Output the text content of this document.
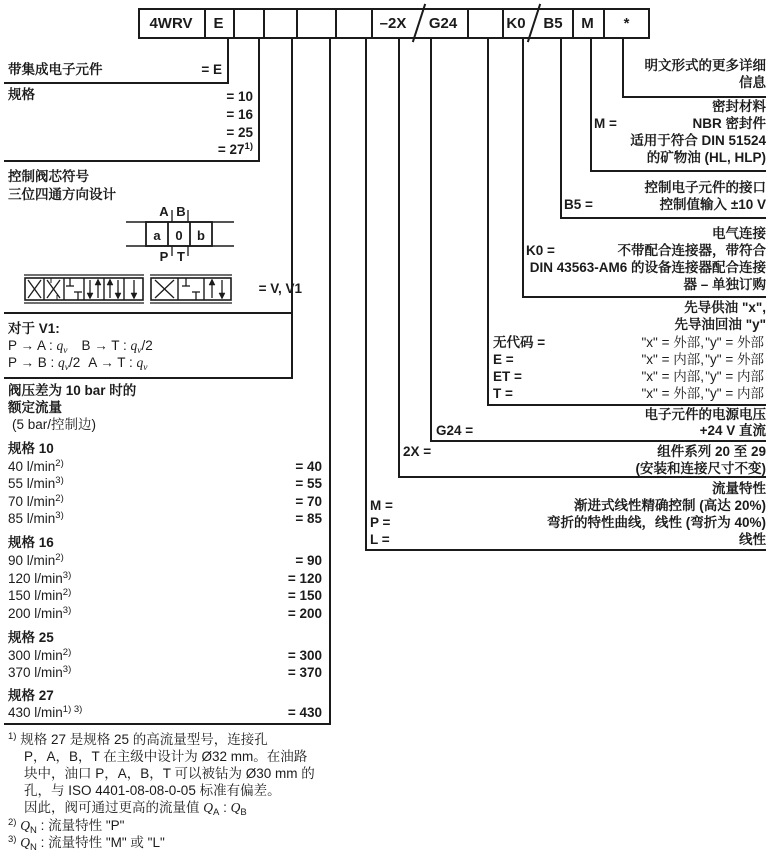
4WRV	E	–2X	G24	K0	B5	M	*
带集成电子元件	= E
规格	= 10
= 16
= 25
= $27^{1)}$
控制阀芯符号
三位四通方向设计
A B
a 0 b
P T
= V, V1
对于 V1:
P → A : $q_v$ B → T : $q_v/2$
P → B : $q_v/2$ A → T : $q_v$
阀压差为 10 bar 时的
额定流量
(5 bar/控制边)
规格 10
40 $l/\min^{2)}$	= 40
55 $l/\min^{3)}$	= 55
70 $l/\min^{2)}$	= 70
85 $l/\min^{3)}$	= 85
规格 16
90 $l/\min^{2)}$	= 90
120 $l/\min^{3)}$	= 120
150 $l/\min^{2)}$	= 150
200 $l/\min^{3)}$	= 200
规格 25
300 $l/\min^{2)}$	= 300
370 $l/\min^{3)}$	= 370
规格 27
430 $l/\min^{1) 3)}$	= 430
$^{1)}$ 规格 27 是规格 25 的高流量型号，连接孔
P，A，B，T 在主级中设计为 Ø32 mm。在油路
块中，油口 P，A，B，T 可以被钻为 Ø30 mm 的
孔，与 ISO 4401-08-08-0-05 标准有偏差。
因此，阀可通过更高的流量值 $Q_A$ : $Q_B$
$^{2)}$ $Q_N$ : 流量特性 "P"
$^{3)}$ $Q_N$ : 流量特性 "M" 或 "L"
明文形式的更多详细
信息
密封材料
M =	NBR 密封件
适用于符合 DIN 51524
的矿物油 (HL, HLP)
控制电子元件的接口
B5 =	控制值输入 ±10 V
电气连接
K0 =	不带配合连接器，带符合
DIN 43563-AM6 的设备连接器配合连接
器 – 单独订购
先导供油 "x",
先导油回油 "y"
无代码 =	"x" = 外部, "y" = 外部
E =	"x" = 内部, "y" = 外部
ET =	"x" = 内部, "y" = 内部
T =	"x" = 外部, "y" = 内部
电子元件的电源电压
G24 =	+24 V 直流
2X =	组件系列 20 至 29
(安装和连接尺寸不变)
流量特性
M =	渐进式线性精确控制 (高达 20%)
P =	弯折的特性曲线，线性 (弯折为 40%)
L =	线性
